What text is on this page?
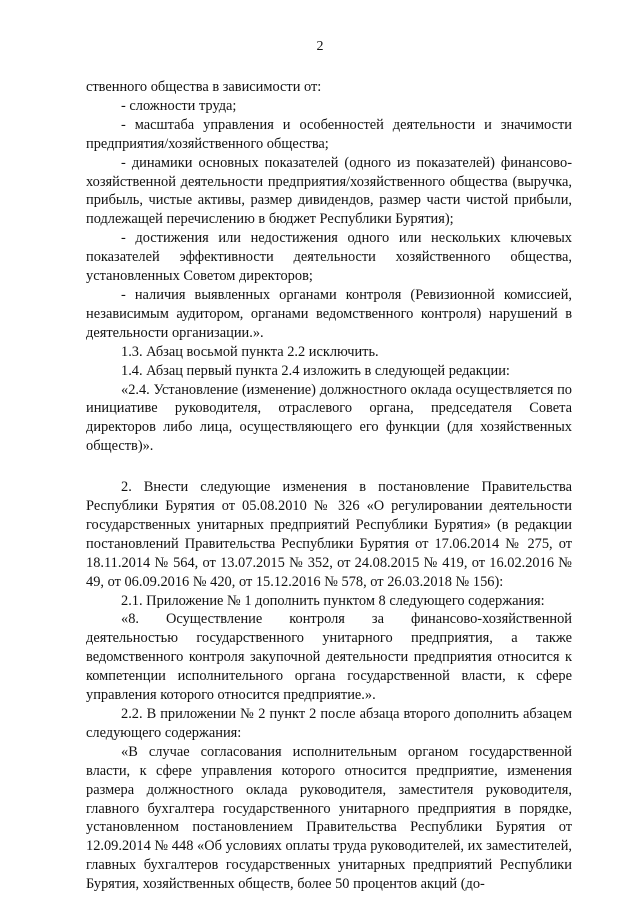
2

ственного общества в зависимости от:

- сложности труда;

- масштаба управления и особенностей деятельности и значимости предприятия/хозяйственного общества;

- динамики основных показателей (одного из показателей) финансово-хозяйственной деятельности предприятия/хозяйственного общества (выручка, прибыль, чистые активы, размер дивидендов, размер части чистой прибыли, подлежащей перечислению в бюджет Республики Бурятия);

- достижения или недостижения одного или нескольких ключевых показателей эффективности деятельности хозяйственного общества, установленных Советом директоров;

- наличия выявленных органами контроля (Ревизионной комиссией, независимым аудитором, органами ведомственного контроля) нарушений в деятельности организации.».

1.3. Абзац восьмой пункта 2.2 исключить.

1.4. Абзац первый пункта 2.4 изложить в следующей редакции:

«2.4. Установление (изменение) должностного оклада осуществляется по инициативе руководителя, отраслевого органа, председателя Совета директоров либо лица, осуществляющего его функции (для хозяйственных обществ)».

2. Внести следующие изменения в постановление Правительства Республики Бурятия от 05.08.2010 № 326 «О регулировании деятельности государственных унитарных предприятий Республики Бурятия» (в редакции постановлений Правительства Республики Бурятия от 17.06.2014 № 275, от 18.11.2014 № 564, от 13.07.2015 № 352, от 24.08.2015 № 419, от 16.02.2016 № 49, от 06.09.2016 № 420, от 15.12.2016 № 578, от 26.03.2018 № 156):

2.1. Приложение № 1 дополнить пунктом 8 следующего содержания:

«8. Осуществление контроля за финансово-хозяйственной деятельностью государственного унитарного предприятия, а также ведомственного контроля закупочной деятельности предприятия относится к компетенции исполнительного органа государственной власти, к сфере управления которого относится предприятие.».

2.2. В приложении № 2 пункт 2 после абзаца второго дополнить абзацем следующего содержания:

«В случае согласования исполнительным органом государственной власти, к сфере управления которого относится предприятие, изменения размера должностного оклада руководителя, заместителя руководителя, главного бухгалтера государственного унитарного предприятия в порядке, установленном постановлением Правительства Республики Бурятия от 12.09.2014 № 448 «Об условиях оплаты труда руководителей, их заместителей, главных бухгалтеров государственных унитарных предприятий Республики Бурятия, хозяйственных обществ, более 50 процентов акций (до-
